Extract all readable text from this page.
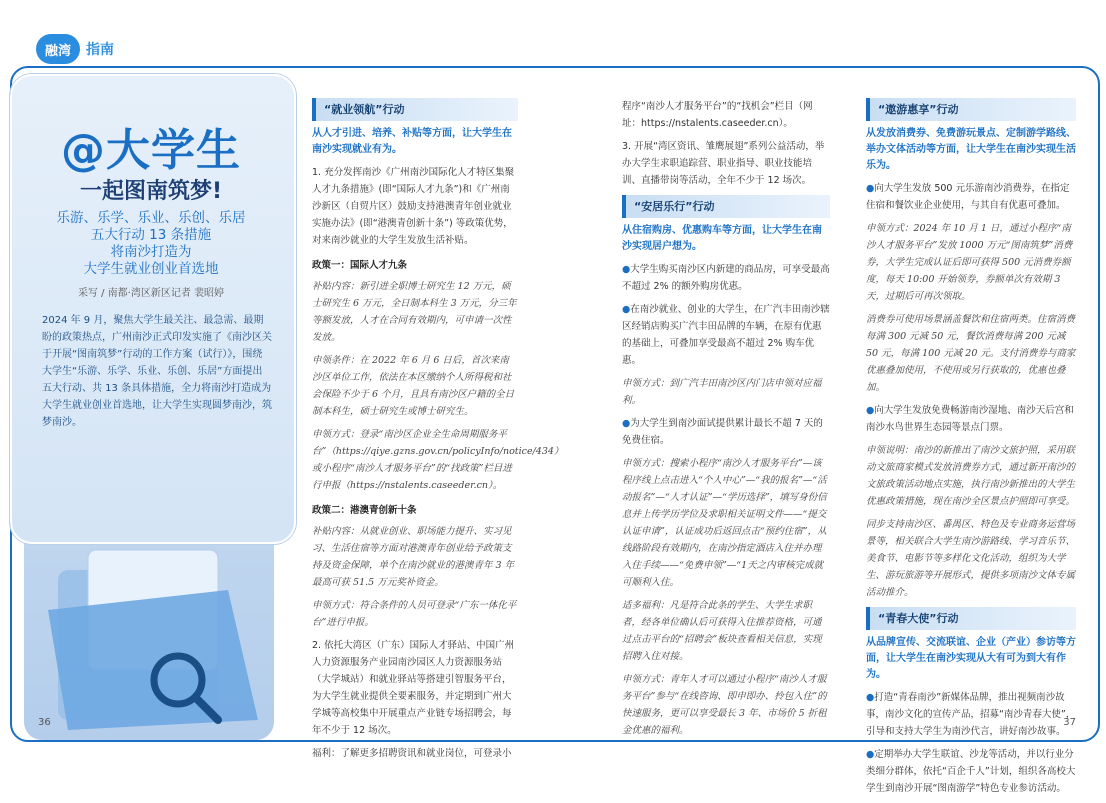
融湾	指南
@大学生
一起图南筑梦!
乐游、乐学、乐业、乐创、乐居
五大行动 13 条措施
将南沙打造为
大学生就业创业首选地
采写 / 南都·湾区新区记者 裴昭婷
2024 年 9 月，聚焦大学生最关注、最急需、最期盼的政策热点，广州南沙正式印发实施了《南沙区关于开展“图南筑梦”行动的工作方案（试行）》，围绕大学生“乐游、乐学、乐业、乐创、乐居”方面提出五大行动、共 13 条具体措施，全力将南沙打造成为大学生就业创业首选地，让大学生实现圆梦南沙，筑梦南沙。
36	37
“就业领航”行动
从人才引进、培养、补贴等方面，让大学生在南沙实现就业有为。

1. 充分发挥南沙《广州南沙国际化人才特区集聚人才九条措施》(即“国际人才九条”)和《广州南沙新区（自贸片区）鼓励支持港澳青年创业就业实施办法》(即“港澳青创新十条”) 等政策优势，对来南沙就业的大学生发放生活补贴。

政策一：国际人才九条

补贴内容：新引进全职博士研究生 12 万元，硕士研究生 6 万元，全日制本科生 3 万元，分三年等额发放，人才在合同有效期内，可申请一次性发放。

申领条件：在 2022 年 6 月 6 日后，首次来南沙区单位工作，依法在本区缴纳个人所得税和社会保险不少于 6 个月，且具有南沙区户籍的全日制本科生，硕士研究生或博士研究生。

申领方式：登录“南沙区企业全生命周期服务平台”（https://qiye.gzns.gov.cn/policyInfo/notice/434）或小程序“南沙人才服务平台”的“找政策”栏目进行申报（https://nstalents.caseeder.cn）。

政策二：港澳青创新十条

补贴内容：从就业创业、职场能力提升、实习见习、生活住宿等方面对港澳青年创业给予政策支持及资金保障，单个在南沙就业的港澳青年 3 年最高可获 51.5 万元奖补资金。

申领方式：符合条件的人员可登录“广东一体化平台”进行申报。

2. 依托大湾区（广东）国际人才驿站、中国广州人力资源服务产业园南沙园区人力资源服务站（大学城站）和就业驿站等搭建引智服务平台，为大学生就业提供全要素服务，并定期到广州大学城等高校集中开展重点产业链专场招聘会，每年不少于 12 场次。

福利：了解更多招聘资讯和就业岗位，可登录小

程序“南沙人才服务平台”的“找机会”栏目（网址：https://nstalents.caseeder.cn）。

3. 开展“湾区资讯、雏鹰展翅”系列公益活动，举办大学生求职追踪营、职业指导、职业技能培训、直播带岗等活动，全年不少于 12 场次。

“安居乐行”行动
从住宿购房、优惠购车等方面，让大学生在南沙实现居户想为。

●大学生购买南沙区内新建的商品房，可享受最高不超过 2% 的额外购房优惠。

●在南沙就业、创业的大学生，在广汽丰田南沙辖区经销店购买广汽丰田品牌的车辆，在原有优惠的基础上，可叠加享受最高不超过 2% 购车优惠。

申领方式：到广汽丰田南沙区内门店申领对应福利。

●为大学生到南沙面试提供累计最长不超 7 天的免费住宿。

申领方式：搜索小程序“南沙人才服务平台”—该程序线上点击进入“个人中心”—“我的报名”—“活动报名”—“人才认证”—“学历选择”，填写身份信息并上传学历学位及求职相关证明文件——“提交认证申请”，认证成功后返回点击“预约住宿”，从线路阶段有效期内，在南沙指定酒店入住并办理入住手续——“免费申领”—“1天之内审核完成就可顺利入住。

适多福利：凡是符合此条的学生、大学生求职者，经各单位确认后可获得入住推荐资格，可通过点击平台的“招聘会”板块查看相关信息，实现招聘入住对接。

申领方式：青年人才可以通过小程序“南沙人才服务平台”参与“在线咨询、即申即办、拎包入住”的快速服务，更可以享受最长 3 年、市场价 5 折租金优惠的福利。

“遨游惠享”行动
从发放消费券、免费游玩景点、定制游学路线、举办文体活动等方面，让大学生在南沙实现生活乐为。

●向大学生发放 500 元乐游南沙消费券，在指定住宿和餐饮业企业使用，与其自有优惠可叠加。

申领方式：2024 年 10 月 1 日，通过小程序“南沙人才服务平台”发放 1000 万元“图南筑梦”消费券，大学生完成认证后即可获得 500 元消费券额度，每天 10:00 开始领券，券额单次有效期 3 天，过期后可再次领取。

消费券可使用场景涵盖餐饮和住宿两类。住宿消费每满 300 元减 50 元，餐饮消费每满 200 元减 50 元，每满 100 元减 20 元。支付消费券与商家优惠叠加使用，不使用或另行获取的，优惠也叠加。

●向大学生发放免费畅游南沙湿地、南沙天后宫和南沙水鸟世界生态园等景点门票。

申领说明：南沙的新推出了南沙文旅护照，采用联动文旅商家模式发放消费券方式，通过新开南沙的文旅政策活动地点实施，执行南沙新推出的大学生优惠政策措施，现在南沙全区景点护照即可享受。

同步支持南沙区、番禺区、特色及专业商务运营场景等，相关联合大学生南沙游路线、学习音乐节、美食节、电影节等多样化文化活动，组织为大学生、游玩旅游等开展形式，提供多项南沙文体专属活动推介。

“青春大使”行动
从品牌宣传、交流联谊、企业（产业）参访等方面，让大学生在南沙实现从大有可为到大有作为。

●打造“青春南沙”新媒体品牌，推出视频南沙故事，南沙文化的宣传产品，招募“南沙青春大使”，引导和支持大学生为南沙代言，讲好南沙故事。

●定期举办大学生联谊、沙龙等活动，并以行业分类细分群体，依托“百企千人”计划，组织各高校大学生到南沙开展“图南游学”特色专业参访活动。
